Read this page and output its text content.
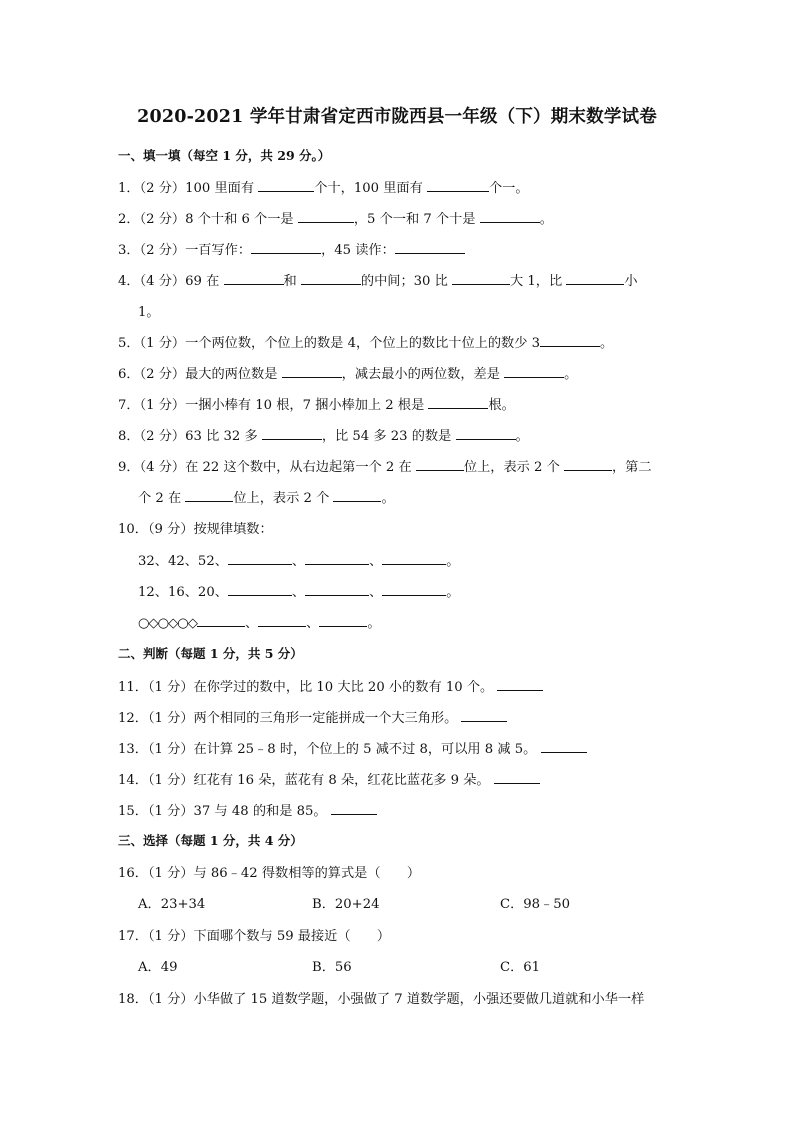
2020-2021 学年甘肃省定西市陇西县一年级（下）期末数学试卷
一、填一填（每空 1 分，共 29 分。）
1．（2 分）100 里面有	个十，100 里面有	个一。
2．（2 分）8 个十和 6 个一是	，5 个一和 7 个十是	。
3．（2 分）一百写作：	，45 读作：
4．（4 分）69 在	和	的中间；30 比	大 1，比	小
1。
5．（1 分）一个两位数，个位上的数是 4，个位上的数比十位上的数少 3	。
6．（2 分）最大的两位数是	，减去最小的两位数，差是	。
7．（1 分）一捆小棒有 10 根，7 捆小棒加上 2 根是	根。
8．（2 分）63 比 32 多	，比 54 多 23 的数是	。
9．（4 分）在 22 这个数中，从右边起第一个 2 在	位上，表示 2 个	，第二
个 2 在	位上，表示 2 个	。
10．（9 分）按规律填数：
32、42、52、	、	、	。
12、16、20、	、	、	。
○◇○◇○◇	、	、	。
二、判断（每题 1 分，共 5 分）
11．（1 分）在你学过的数中，比 10 大比 20 小的数有 10 个。
12．（1 分）两个相同的三角形一定能拼成一个大三角形。
13．（1 分）在计算 25﹣8 时，个位上的 5 减不过 8，可以用 8 减 5。
14．（1 分）红花有 16 朵，蓝花有 8 朵，红花比蓝花多 9 朵。
15．（1 分）37 与 48 的和是 85。
三、选择（每题 1 分，共 4 分）
16．（1 分）与 86﹣42 得数相等的算式是（　　）
A．23+34	B．20+24	C．98﹣50
17．（1 分）下面哪个数与 59 最接近（　　）
A．49	B．56	C．61
18．（1 分）小华做了 15 道数学题，小强做了 7 道数学题，小强还要做几道就和小华一样
